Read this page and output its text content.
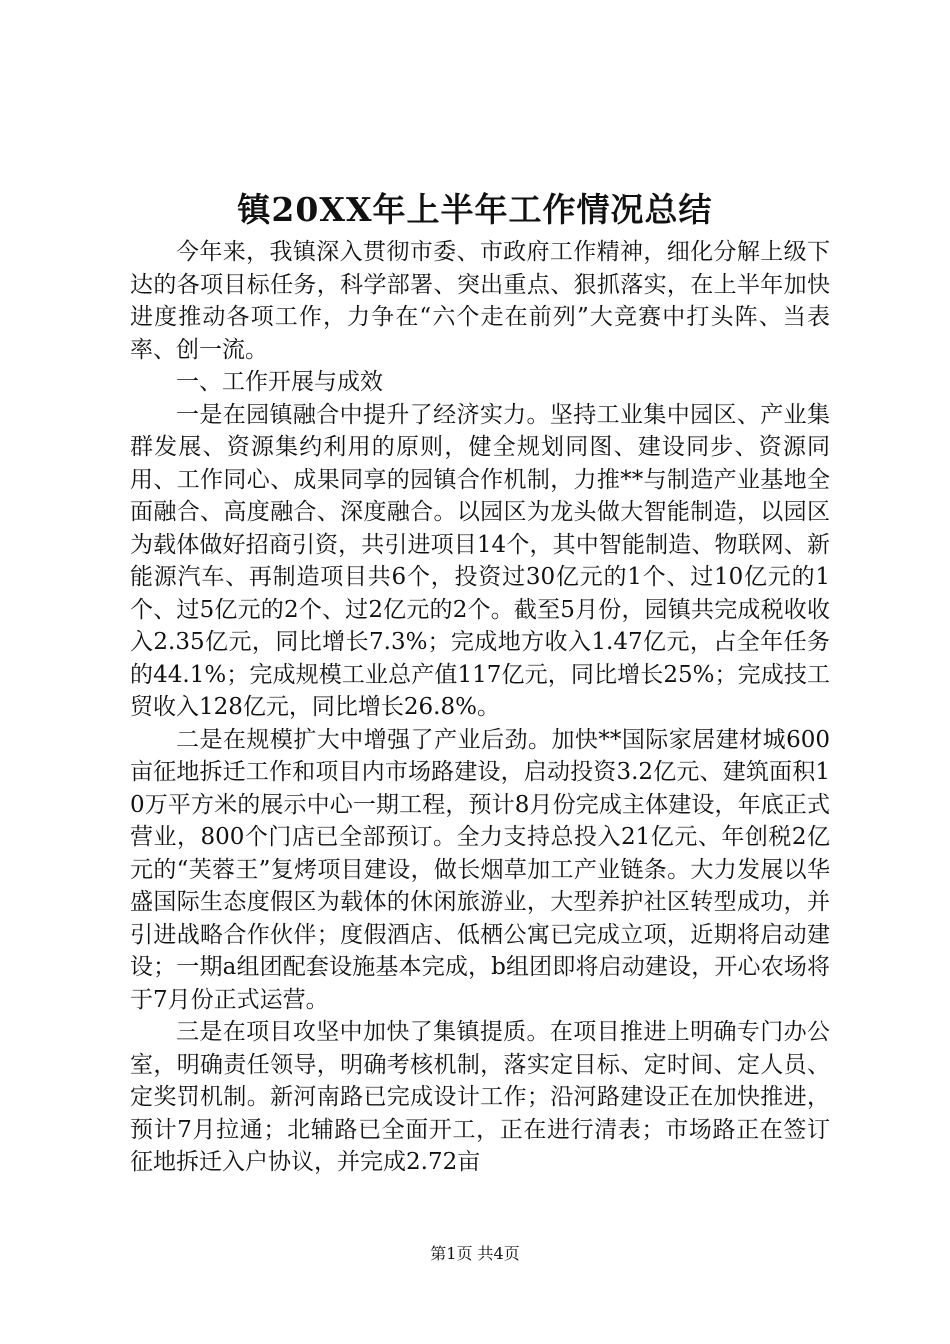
镇20XX年上半年工作情况总结

今年来，我镇深入贯彻市委、市政府工作精神，细化分解上级下达的各项目标任务，科学部署、突出重点、狠抓落实，在上半年加快进度推动各项工作，力争在“六个走在前列”大竞赛中打头阵、当表率、创一流。

一、工作开展与成效

一是在园镇融合中提升了经济实力。坚持工业集中园区、产业集群发展、资源集约利用的原则，健全规划同图、建设同步、资源同用、工作同心、成果同享的园镇合作机制，力推**与制造产业基地全面融合、高度融合、深度融合。以园区为龙头做大智能制造，以园区为载体做好招商引资，共引进项目14个，其中智能制造、物联网、新能源汽车、再制造项目共6个，投资过30亿元的1个、过10亿元的1个、过5亿元的2个、过2亿元的2个。截至5月份，园镇共完成税收收入2.35亿元，同比增长7.3%；完成地方收入1.47亿元，占全年任务的44.1%；完成规模工业总产值117亿元，同比增长25%；完成技工贸收入128亿元，同比增长26.8%。

二是在规模扩大中增强了产业后劲。加快**国际家居建材城600亩征地拆迁工作和项目内市场路建设，启动投资3.2亿元、建筑面积10万平方米的展示中心一期工程，预计8月份完成主体建设，年底正式营业，800个门店已全部预订。全力支持总投入21亿元、年创税2亿元的“芙蓉王”复烤项目建设，做长烟草加工产业链条。大力发展以华盛国际生态度假区为载体的休闲旅游业，大型养护社区转型成功，并引进战略合作伙伴；度假酒店、低栖公寓已完成立项，近期将启动建设；一期a组团配套设施基本完成，b组团即将启动建设，开心农场将于7月份正式运营。

三是在项目攻坚中加快了集镇提质。在项目推进上明确专门办公室，明确责任领导，明确考核机制，落实定目标、定时间、定人员、定奖罚机制。新河南路已完成设计工作；沿河路建设正在加快推进，预计7月拉通；北辅路已全面开工，正在进行清表；市场路正在签订征地拆迁入户协议，并完成2.72亩

第1页 共4页
